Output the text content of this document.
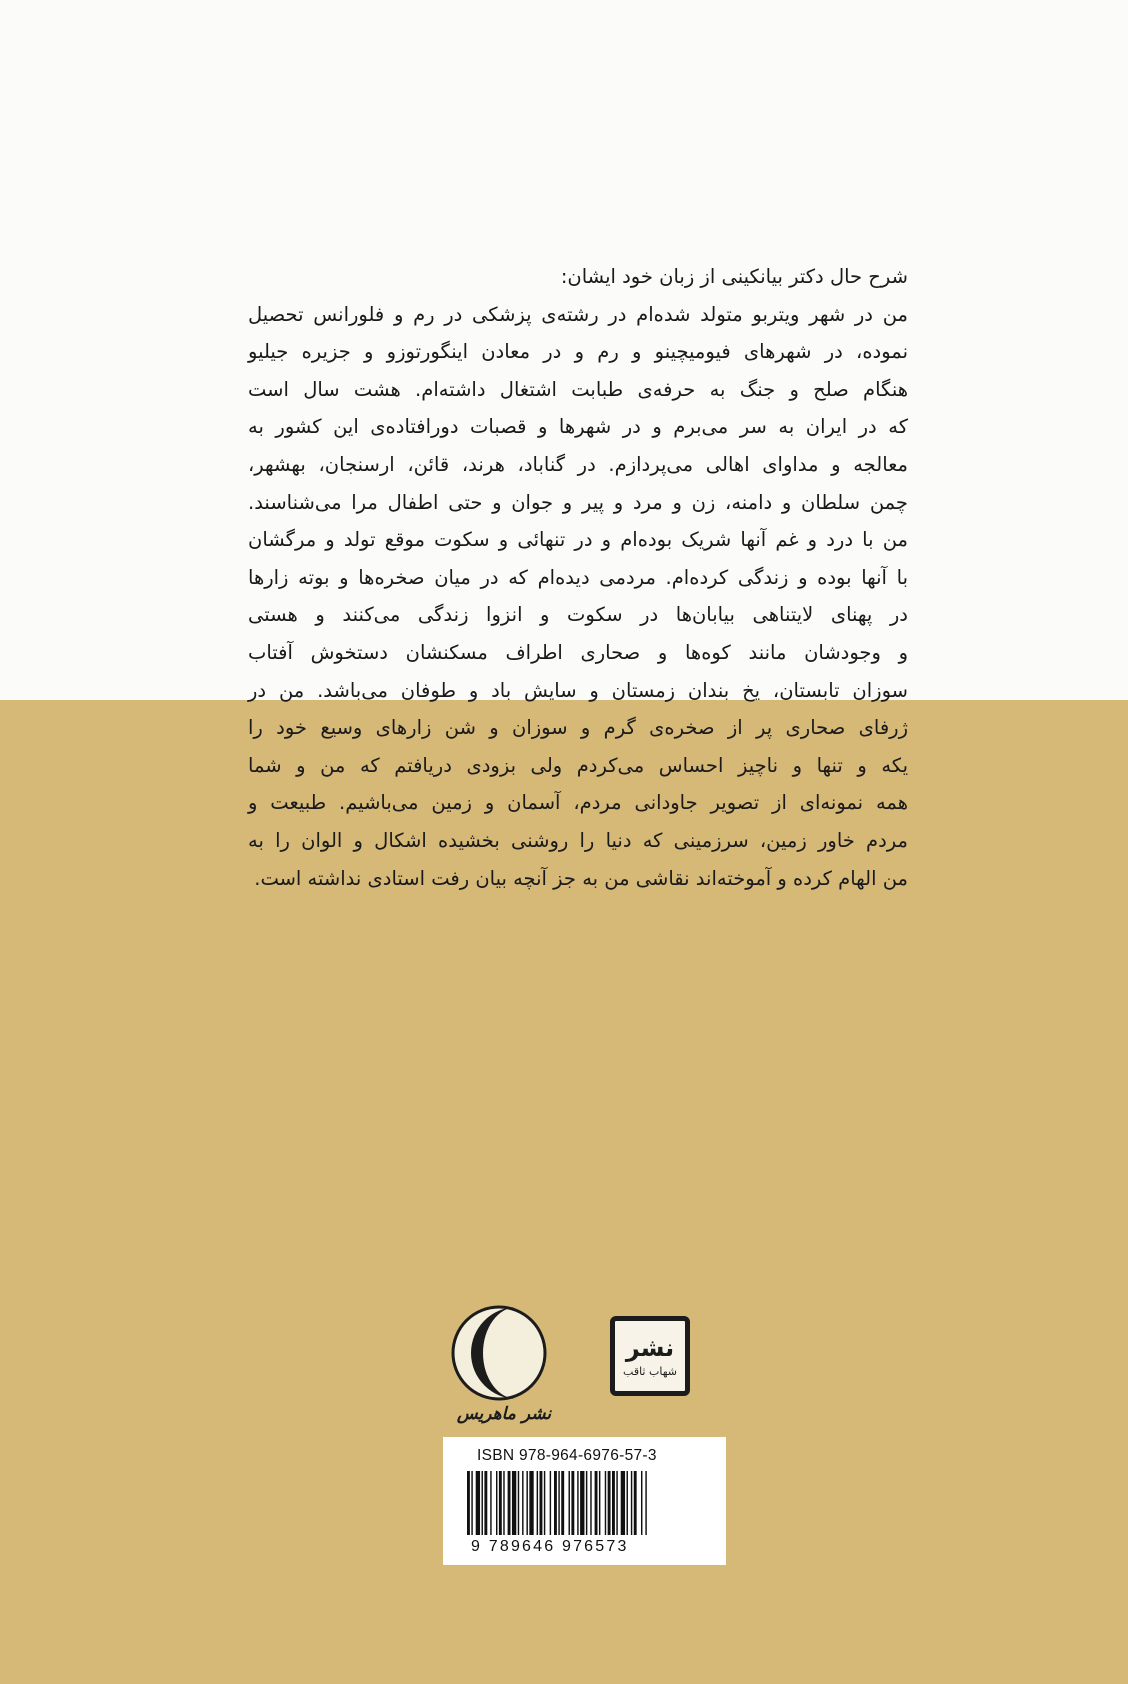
شرح حال دکتر بیانکینی از زبان خود ایشان:
من در شهر ویتربو متولد شده‌ام در رشته‌ی پزشکی در رم و فلورانس تحصیل
نموده، در شهرهای فیومیچینو و رم و در معادن اینگورتوزو و جزیره جیلیو
هنگام صلح و جنگ به حرفه‌ی طبابت اشتغال داشته‌ام. هشت سال است
که در ایران به سر می‌برم و در شهرها و قصبات دورافتاده‌ی این کشور به
معالجه و مداوای اهالی می‌پردازم. در گناباد، هرند، قائن، ارسنجان، بهشهر،
چمن سلطان و دامنه، زن و مرد و پیر و جوان و حتی اطفال مرا می‌شناسند.
من با درد و غم آنها شریک بوده‌ام و در تنهائی و سکوت موقع تولد و مرگشان
با آنها بوده و زندگی کرده‌ام. مردمی دیده‌ام که در میان صخره‌ها و بوته زارها
در پهنای لایتناهی بیابان‌ها در سکوت و انزوا زندگی می‌کنند و هستی
و وجودشان مانند کوه‌ها و صحاری اطراف مسکنشان دستخوش آفتاب
سوزان تابستان، یخ بندان زمستان و سایش باد و طوفان می‌باشد. من در
ژرفای صحاری پر از صخره‌ی گرم و سوزان و شن زارهای وسیع خود را
یکه و تنها و ناچیز احساس می‌کردم ولی بزودی دریافتم که من و شما
همه نمونه‌ای از تصویر جاودانی مردم، آسمان و زمین می‌باشیم. طبیعت و
مردم خاور زمین، سرزمینی که دنیا را روشنی بخشیده اشکال و الوان را به
من الهام کرده و آموخته‌اند نقاشی من به جز آنچه بیان رفت استادی نداشته است.
نشر ماهریس
نشر
شهاب ثاقب
ISBN 978-964-6976-57-3
9 789646 976573
